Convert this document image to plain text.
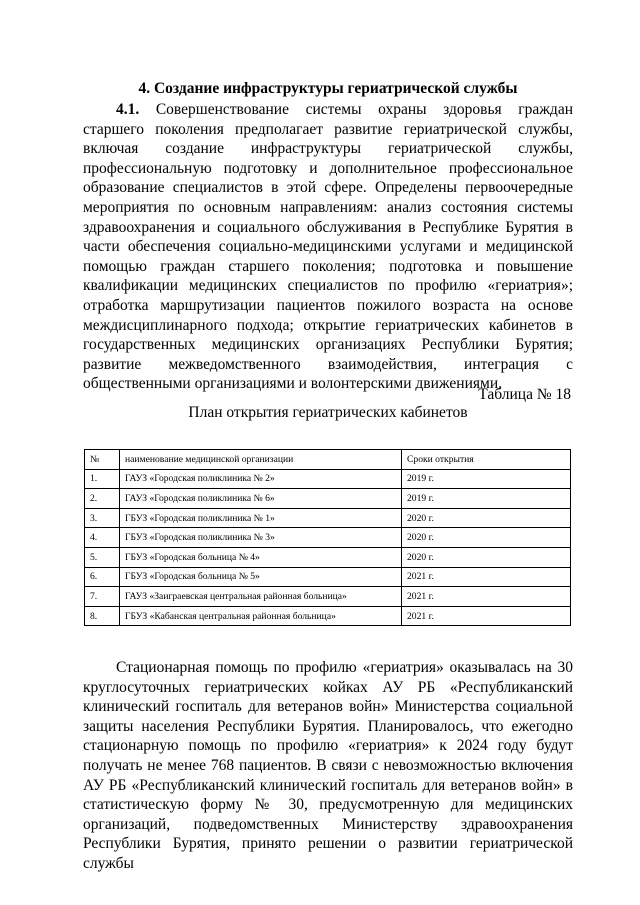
4. Создание инфраструктуры гериатрической службы
4.1. Совершенствование системы охраны здоровья граждан старшего поколения предполагает развитие гериатрической службы, включая создание инфраструктуры гериатрической службы, профессиональную подготовку и дополнительное профессиональное образование специалистов в этой сфере. Определены первоочередные мероприятия по основным направлениям: анализ состояния системы здравоохранения и социального обслуживания в Республике Бурятия в части обеспечения социально-медицинскими услугами и медицинской помощью граждан старшего поколения; подготовка и повышение квалификации медицинских специалистов по профилю «гериатрия»; отработка маршрутизации пациентов пожилого возраста на основе междисциплинарного подхода; открытие гериатрических кабинетов в государственных медицинских организациях Республики Бурятия; развитие межведомственного взаимодействия, интеграция с общественными организациями и волонтерскими движениями.
Таблица № 18
План открытия гериатрических кабинетов
№	наименование медицинской организации	Сроки открытия
1.	ГАУЗ «Городская поликлиника № 2»	2019 г.
2.	ГАУЗ «Городская поликлиника № 6»	2019 г.
3.	ГБУЗ «Городская поликлиника № 1»	2020 г.
4.	ГБУЗ «Городская поликлиника № 3»	2020 г.
5.	ГБУЗ «Городская больница № 4»	2020 г.
6.	ГБУЗ «Городская больница № 5»	2021 г.
7.	ГАУЗ «Заиграевская центральная районная больница»	2021 г.
8.	ГБУЗ «Кабанская центральная районная больница»	2021 г.
Стационарная помощь по профилю «гериатрия» оказывалась на 30 круглосуточных гериатрических койках АУ РБ «Республиканский клинический госпиталь для ветеранов войн» Министерства социальной защиты населения Республики Бурятия. Планировалось, что ежегодно стационарную помощь по профилю «гериатрия» к 2024 году будут получать не менее 768 пациентов. В связи с невозможностью включения АУ РБ «Республиканский клинический госпиталь для ветеранов войн» в статистическую форму № 30, предусмотренную для медицинских организаций, подведомственных Министерству здравоохранения Республики Бурятия, принято решении о развитии гериатрической службы
